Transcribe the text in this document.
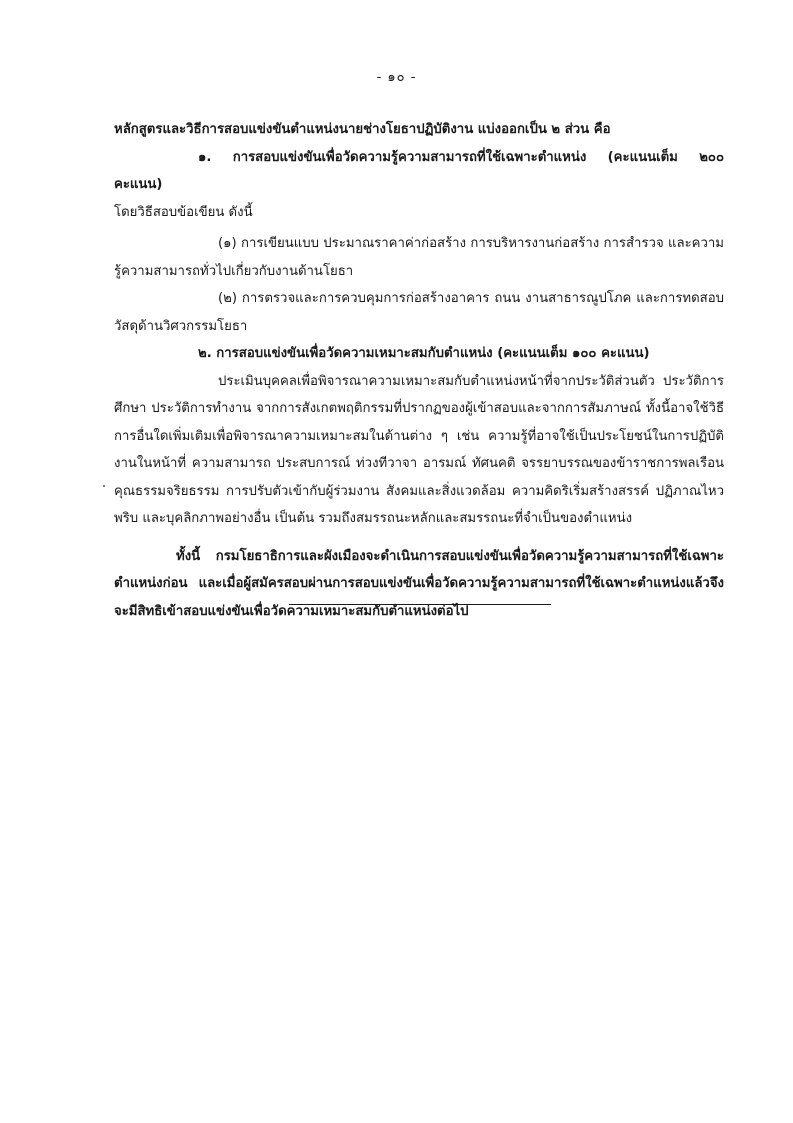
- ๑๐ -

หลักสูตรและวิธีการสอบแข่งขันตำแหน่งนายช่างโยธาปฏิบัติงาน แบ่งออกเป็น ๒ ส่วน คือ

๑. การสอบแข่งขันเพื่อวัดความรู้ความสามารถที่ใช้เฉพาะตำแหน่ง (คะแนนเต็ม ๒๐๐ คะแนน)

โดยวิธีสอบข้อเขียน ดังนี้

(๑) การเขียนแบบ ประมาณราคาค่าก่อสร้าง การบริหารงานก่อสร้าง การสำรวจ และความรู้ความสามารถทั่วไปเกี่ยวกับงานด้านโยธา

(๒) การตรวจและการควบคุมการก่อสร้างอาคาร ถนน งานสาธารณูปโภค และการทดสอบวัสดุด้านวิศวกรรมโยธา

๒. การสอบแข่งขันเพื่อวัดความเหมาะสมกับตำแหน่ง (คะแนนเต็ม ๑๐๐ คะแนน)

ประเมินบุคคลเพื่อพิจารณาความเหมาะสมกับตำแหน่งหน้าที่จากประวัติส่วนตัว ประวัติการศึกษา ประวัติการทำงาน จากการสังเกตพฤติกรรมที่ปรากฏของผู้เข้าสอบและจากการสัมภาษณ์ ทั้งนี้อาจใช้วิธีการอื่นใดเพิ่มเติมเพื่อพิจารณาความเหมาะสมในด้านต่าง ๆ เช่น ความรู้ที่อาจใช้เป็นประโยชน์ในการปฏิบัติงานในหน้าที่ ความสามารถ ประสบการณ์ ท่วงทีวาจา อารมณ์ ทัศนคติ จรรยาบรรณของข้าราชการพลเรือน คุณธรรมจริยธรรม การปรับตัวเข้ากับผู้ร่วมงาน สังคมและสิ่งแวดล้อม ความคิดริเริ่มสร้างสรรค์ ปฏิภาณไหวพริบ และบุคลิกภาพอย่างอื่น เป็นต้น รวมถึงสมรรถนะหลักและสมรรถนะที่จำเป็นของตำแหน่ง

ทั้งนี้ กรมโยธาธิการและผังเมืองจะดำเนินการสอบแข่งขันเพื่อวัดความรู้ความสามารถที่ใช้เฉพาะตำแหน่งก่อน และเมื่อผู้สมัครสอบผ่านการสอบแข่งขันเพื่อวัดความรู้ความสามารถที่ใช้เฉพาะตำแหน่งแล้วจึงจะมีสิทธิเข้าสอบแข่งขันเพื่อวัดความเหมาะสมกับตำแหน่งต่อไป
